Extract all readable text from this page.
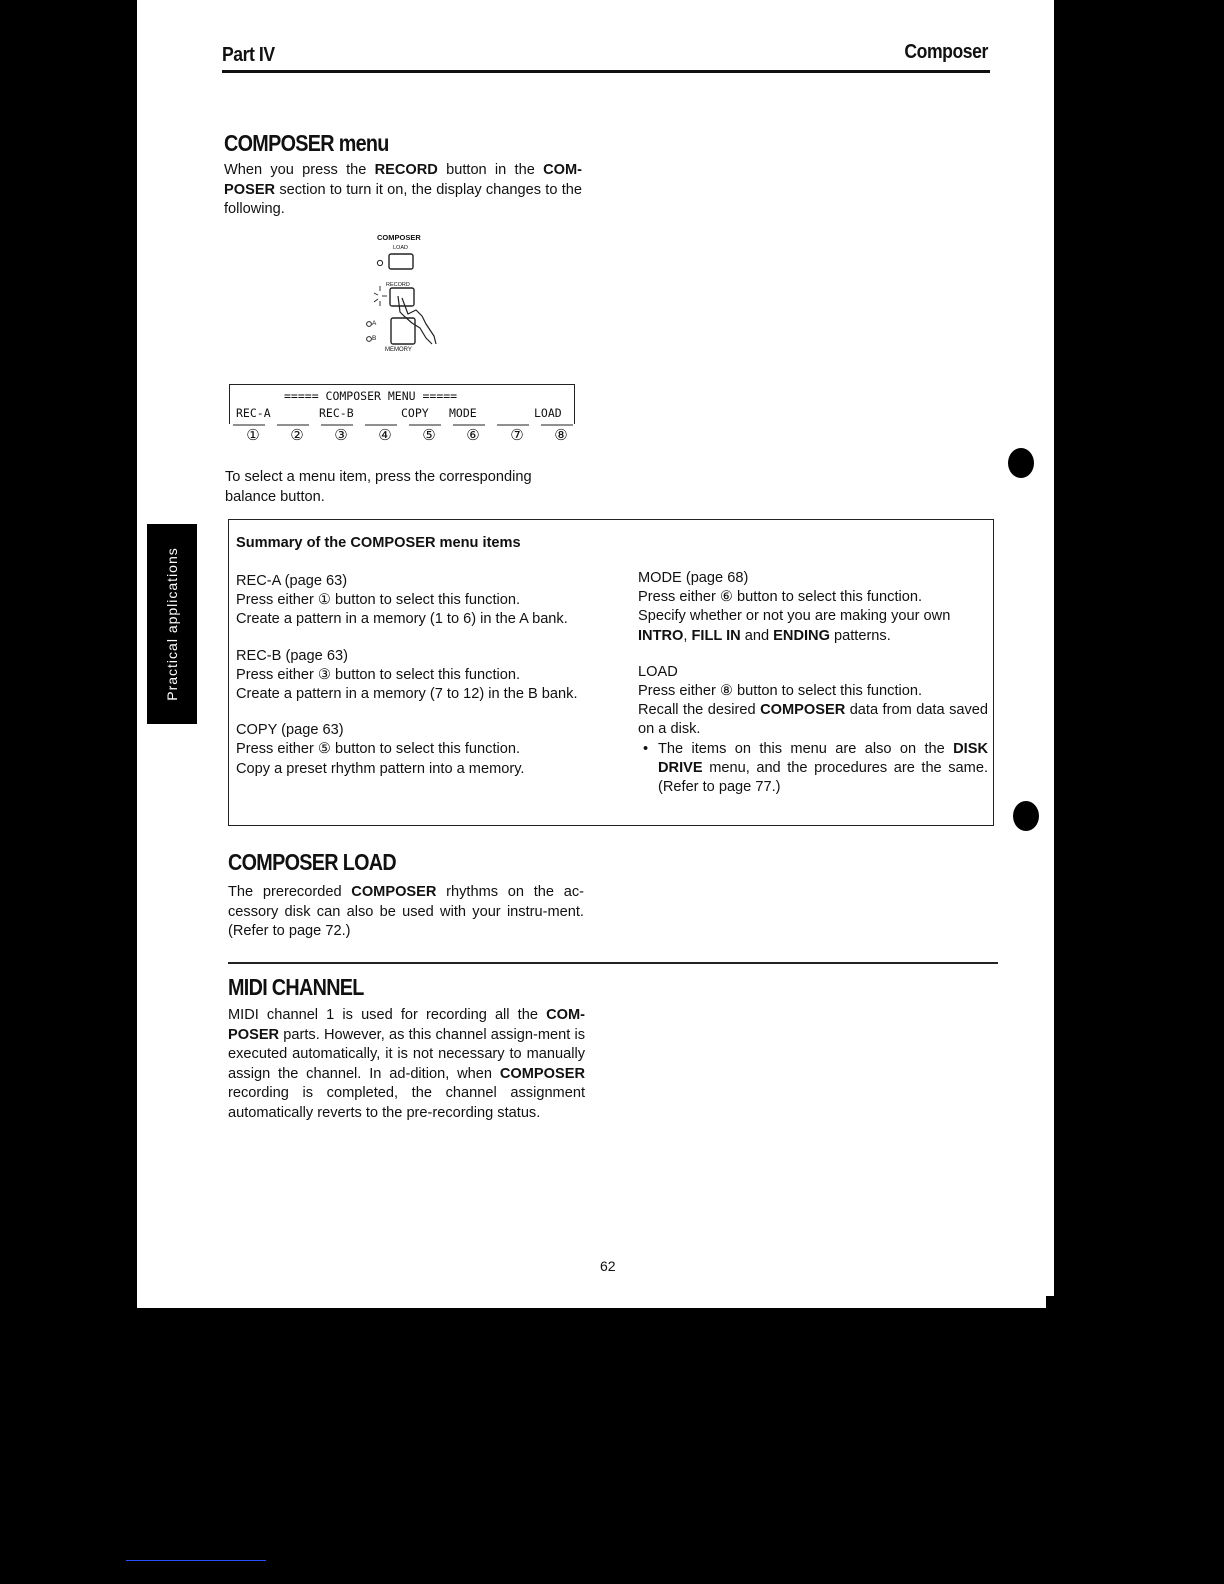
Part IV	Composer
Practical applications
COMPOSER menu
When you press the RECORD button in the COM-POSER section to turn it on, the display changes to the following.
COMPOSER
LOAD
RECORD
A
B
MEMORY
===== COMPOSER MENU =====
REC-A	REC-B	COPY MODE	LOAD
①	②	③	④	⑤	⑥	⑦	⑧
To select a menu item, press the corresponding balance button.
Summary of the COMPOSER menu items

REC-A (page 63)

Press either ① button to select this function.

Create a pattern in a memory (1 to 6) in the A bank.

REC-B (page 63)

Press either ③ button to select this function.

Create a pattern in a memory (7 to 12) in the B bank.

COPY (page 63)

Press either ⑤ button to select this function.

Copy a preset rhythm pattern into a memory.

MODE (page 68)

Press either ⑥ button to select this function.

Specify whether or not you are making your own INTRO, FILL IN and ENDING patterns.

LOAD

Press either ⑧ button to select this function.

Recall the desired COMPOSER data from data saved on a disk.

• The items on this menu are also on the DISK DRIVE menu, and the procedures are the same. (Refer to page 77.)
COMPOSER LOAD
The prerecorded COMPOSER rhythms on the ac-cessory disk can also be used with your instru-ment. (Refer to page 72.)
MIDI CHANNEL
MIDI channel 1 is used for recording all the COM-POSER parts. However, as this channel assign-ment is executed automatically, it is not necessary to manually assign the channel. In ad-dition, when COMPOSER recording is completed, the channel assignment automatically reverts to the pre-recording status.
62
